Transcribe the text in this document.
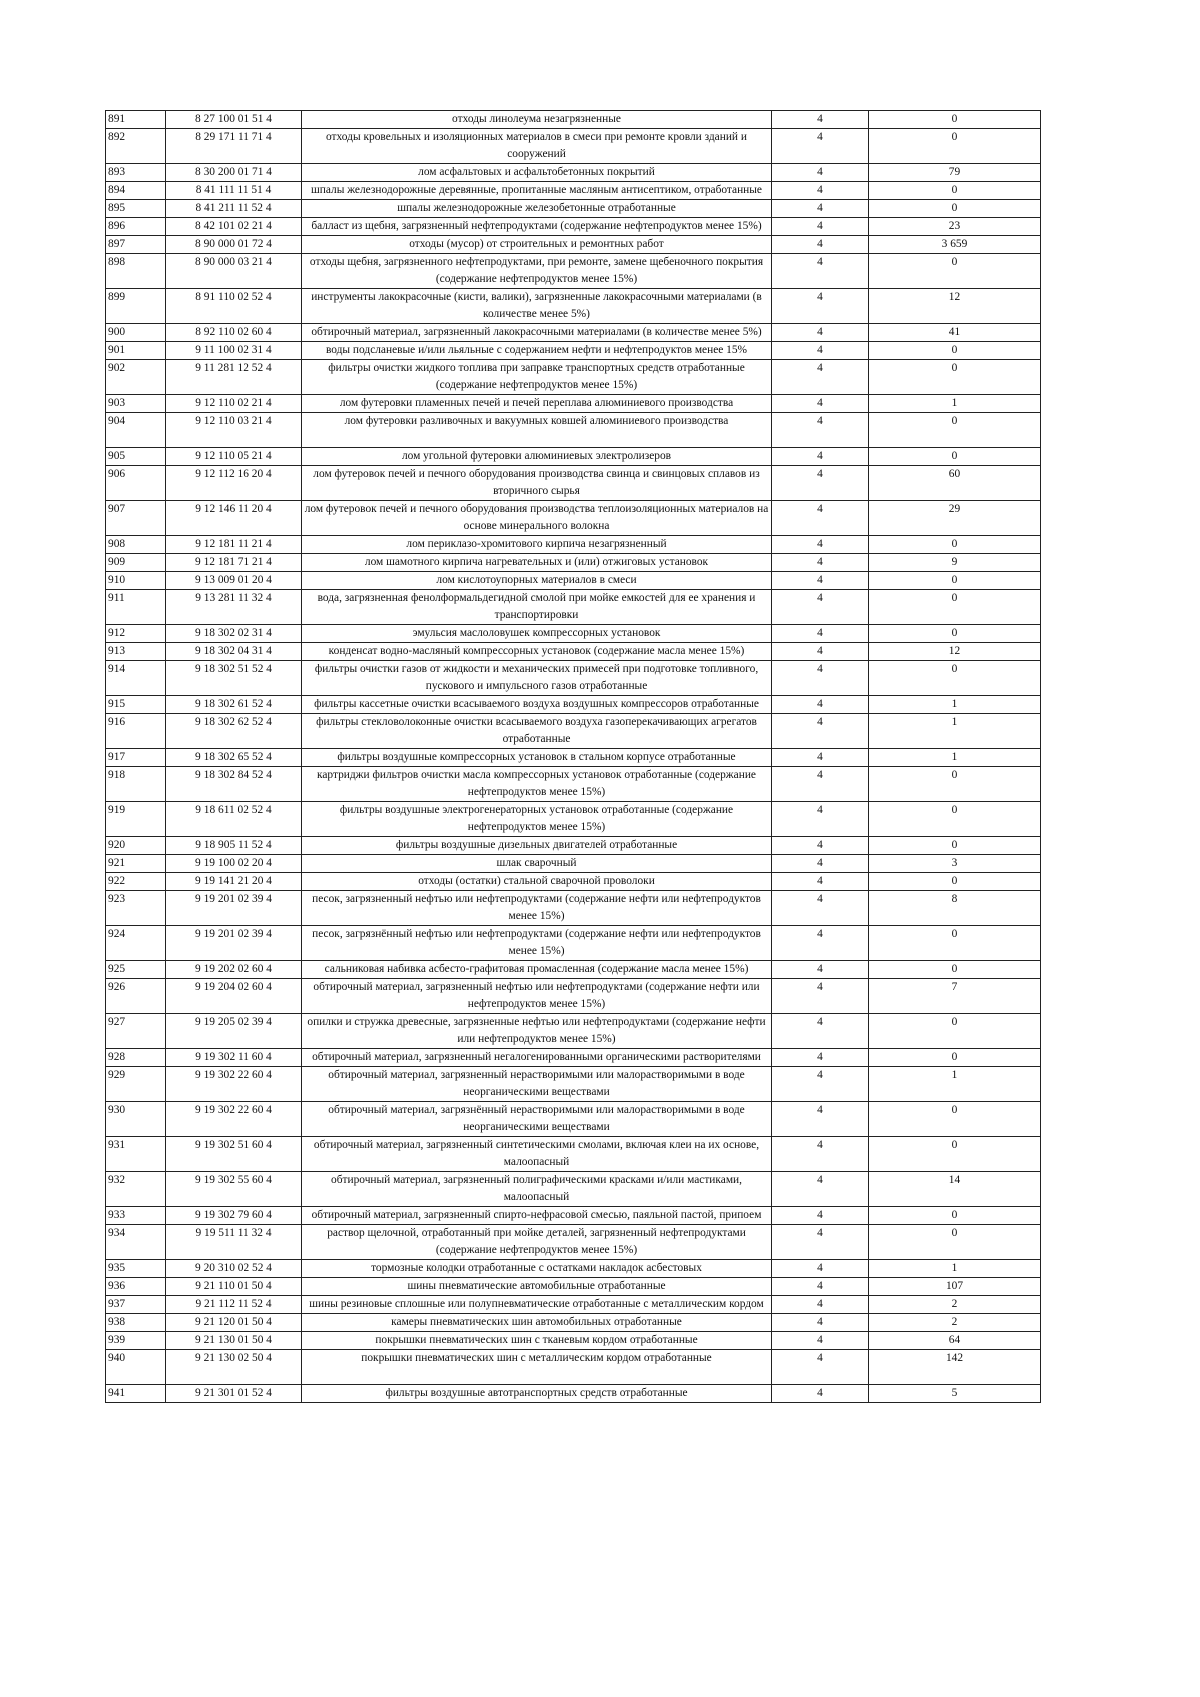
891	8 27 100 01 51 4	отходы линолеума незагрязненные	4	0
892	8 29 171 11 71 4	отходы кровельных и изоляционных материалов в смеси при ремонте кровли зданий и сооружений	4	0
893	8 30 200 01 71 4	лом асфальтовых и асфальтобетонных покрытий	4	79
894	8 41 111 11 51 4	шпалы железнодорожные деревянные, пропитанные масляным антисептиком, отработанные	4	0
895	8 41 211 11 52 4	шпалы железнодорожные железобетонные отработанные	4	0
896	8 42 101 02 21 4	балласт из щебня, загрязненный нефтепродуктами (содержание нефтепродуктов менее 15%)	4	23
897	8 90 000 01 72 4	отходы (мусор) от строительных и ремонтных работ	4	3 659
898	8 90 000 03 21 4	отходы щебня, загрязненного нефтепродуктами, при ремонте, замене щебеночного покрытия (содержание нефтепродуктов менее 15%)	4	0
899	8 91 110 02 52 4	инструменты лакокрасочные (кисти, валики), загрязненные лакокрасочными материалами (в количестве менее 5%)	4	12
900	8 92 110 02 60 4	обтирочный материал, загрязненный лакокрасочными материалами (в количестве менее 5%)	4	41
901	9 11 100 02 31 4	воды подсланевые и/или льяльные с содержанием нефти и нефтепродуктов менее 15%	4	0
902	9 11 281 12 52 4	фильтры очистки жидкого топлива при заправке транспортных средств отработанные (содержание нефтепродуктов менее 15%)	4	0
903	9 12 110 02 21 4	лом футеровки пламенных печей и печей переплава алюминиевого производства	4	1
904	9 12 110 03 21 4	лом футеровки разливочных и вакуумных ковшей алюминиевого производства	4	0
905	9 12 110 05 21 4	лом угольной футеровки алюминиевых электролизеров	4	0
906	9 12 112 16 20 4	лом футеровок печей и печного оборудования производства свинца и свинцовых сплавов из вторичного сырья	4	60
907	9 12 146 11 20 4	лом футеровок печей и печного оборудования производства теплоизоляционных материалов на основе минерального волокна	4	29
908	9 12 181 11 21 4	лом периклазо-хромитового кирпича незагрязненный	4	0
909	9 12 181 71 21 4	лом шамотного кирпича нагревательных и (или) отжиговых установок	4	9
910	9 13 009 01 20 4	лом кислотоупорных материалов в смеси	4	0
911	9 13 281 11 32 4	вода, загрязненная фенолформальдегидной смолой при мойке емкостей для ее хранения и транспортировки	4	0
912	9 18 302 02 31 4	эмульсия маслоловушек компрессорных установок	4	0
913	9 18 302 04 31 4	конденсат водно-масляный компрессорных установок (содержание масла менее 15%)	4	12
914	9 18 302 51 52 4	фильтры очистки газов от жидкости и механических примесей при подготовке топливного, пускового и импульсного газов отработанные	4	0
915	9 18 302 61 52 4	фильтры кассетные очистки всасываемого воздуха воздушных компрессоров отработанные	4	1
916	9 18 302 62 52 4	фильтры стекловолоконные очистки всасываемого воздуха газоперекачивающих агрегатов отработанные	4	1
917	9 18 302 65 52 4	фильтры воздушные компрессорных установок в стальном корпусе отработанные	4	1
918	9 18 302 84 52 4	картриджи фильтров очистки масла компрессорных установок отработанные (содержание нефтепродуктов менее 15%)	4	0
919	9 18 611 02 52 4	фильтры воздушные электрогенераторных установок отработанные (содержание нефтепродуктов менее 15%)	4	0
920	9 18 905 11 52 4	фильтры воздушные дизельных двигателей отработанные	4	0
921	9 19 100 02 20 4	шлак сварочный	4	3
922	9 19 141 21 20 4	отходы (остатки) стальной сварочной проволоки	4	0
923	9 19 201 02 39 4	песок, загрязненный нефтью или нефтепродуктами (содержание нефти или нефтепродуктов менее 15%)	4	8
924	9 19 201 02 39 4	песок, загрязнённый нефтью или нефтепродуктами (содержание нефти или нефтепродуктов менее 15%)	4	0
925	9 19 202 02 60 4	сальниковая набивка асбесто-графитовая промасленная (содержание масла менее 15%)	4	0
926	9 19 204 02 60 4	обтирочный материал, загрязненный нефтью или нефтепродуктами (содержание нефти или нефтепродуктов менее 15%)	4	7
927	9 19 205 02 39 4	опилки и стружка древесные, загрязненные нефтью или нефтепродуктами (содержание нефти или нефтепродуктов менее 15%)	4	0
928	9 19 302 11 60 4	обтирочный материал, загрязненный негалогенированными органическими растворителями	4	0
929	9 19 302 22 60 4	обтирочный материал, загрязненный нерастворимыми или малорастворимыми в воде неорганическими веществами	4	1
930	9 19 302 22 60 4	обтирочный материал, загрязнённый нерастворимыми или малорастворимыми в воде неорганическими веществами	4	0
931	9 19 302 51 60 4	обтирочный материал, загрязненный синтетическими смолами, включая клеи на их основе, малоопасный	4	0
932	9 19 302 55 60 4	обтирочный материал, загрязненный полиграфическими красками и/или мастиками, малоопасный	4	14
933	9 19 302 79 60 4	обтирочный материал, загрязненный спирто-нефрасовой смесью, паяльной пастой, припоем	4	0
934	9 19 511 11 32 4	раствор щелочной, отработанный при мойке деталей, загрязненный нефтепродуктами (содержание нефтепродуктов менее 15%)	4	0
935	9 20 310 02 52 4	тормозные колодки отработанные с остатками накладок асбестовых	4	1
936	9 21 110 01 50 4	шины пневматические автомобильные отработанные	4	107
937	9 21 112 11 52 4	шины резиновые сплошные или полупневматические отработанные с металлическим кордом	4	2
938	9 21 120 01 50 4	камеры пневматических шин автомобильных отработанные	4	2
939	9 21 130 01 50 4	покрышки пневматических шин с тканевым кордом отработанные	4	64
940	9 21 130 02 50 4	покрышки пневматических шин с металлическим кордом отработанные	4	142
941	9 21 301 01 52 4	фильтры воздушные автотранспортных средств отработанные	4	5
